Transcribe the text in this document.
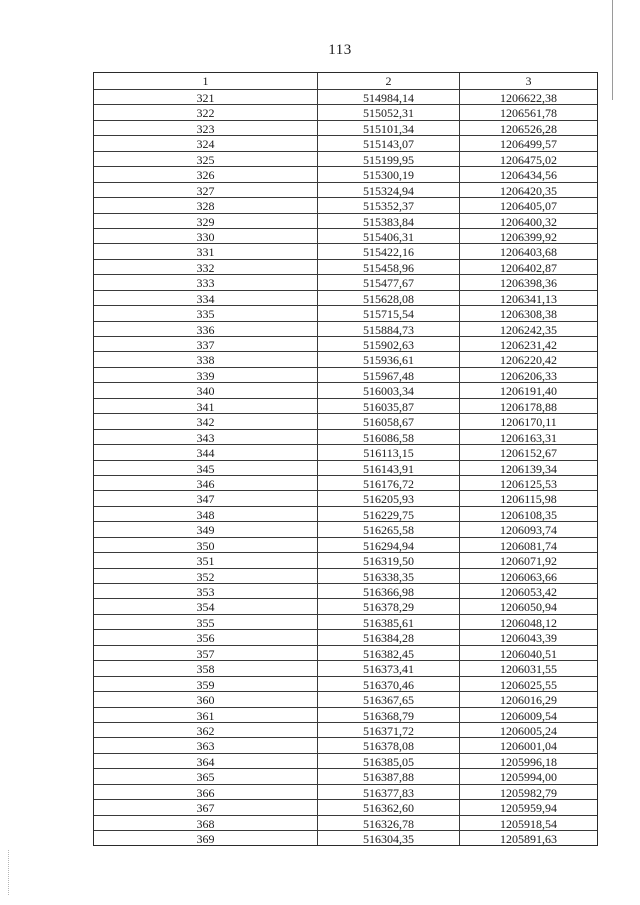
113
1	2	3
321	514984,14	1206622,38
322	515052,31	1206561,78
323	515101,34	1206526,28
324	515143,07	1206499,57
325	515199,95	1206475,02
326	515300,19	1206434,56
327	515324,94	1206420,35
328	515352,37	1206405,07
329	515383,84	1206400,32
330	515406,31	1206399,92
331	515422,16	1206403,68
332	515458,96	1206402,87
333	515477,67	1206398,36
334	515628,08	1206341,13
335	515715,54	1206308,38
336	515884,73	1206242,35
337	515902,63	1206231,42
338	515936,61	1206220,42
339	515967,48	1206206,33
340	516003,34	1206191,40
341	516035,87	1206178,88
342	516058,67	1206170,11
343	516086,58	1206163,31
344	516113,15	1206152,67
345	516143,91	1206139,34
346	516176,72	1206125,53
347	516205,93	1206115,98
348	516229,75	1206108,35
349	516265,58	1206093,74
350	516294,94	1206081,74
351	516319,50	1206071,92
352	516338,35	1206063,66
353	516366,98	1206053,42
354	516378,29	1206050,94
355	516385,61	1206048,12
356	516384,28	1206043,39
357	516382,45	1206040,51
358	516373,41	1206031,55
359	516370,46	1206025,55
360	516367,65	1206016,29
361	516368,79	1206009,54
362	516371,72	1206005,24
363	516378,08	1206001,04
364	516385,05	1205996,18
365	516387,88	1205994,00
366	516377,83	1205982,79
367	516362,60	1205959,94
368	516326,78	1205918,54
369	516304,35	1205891,63
